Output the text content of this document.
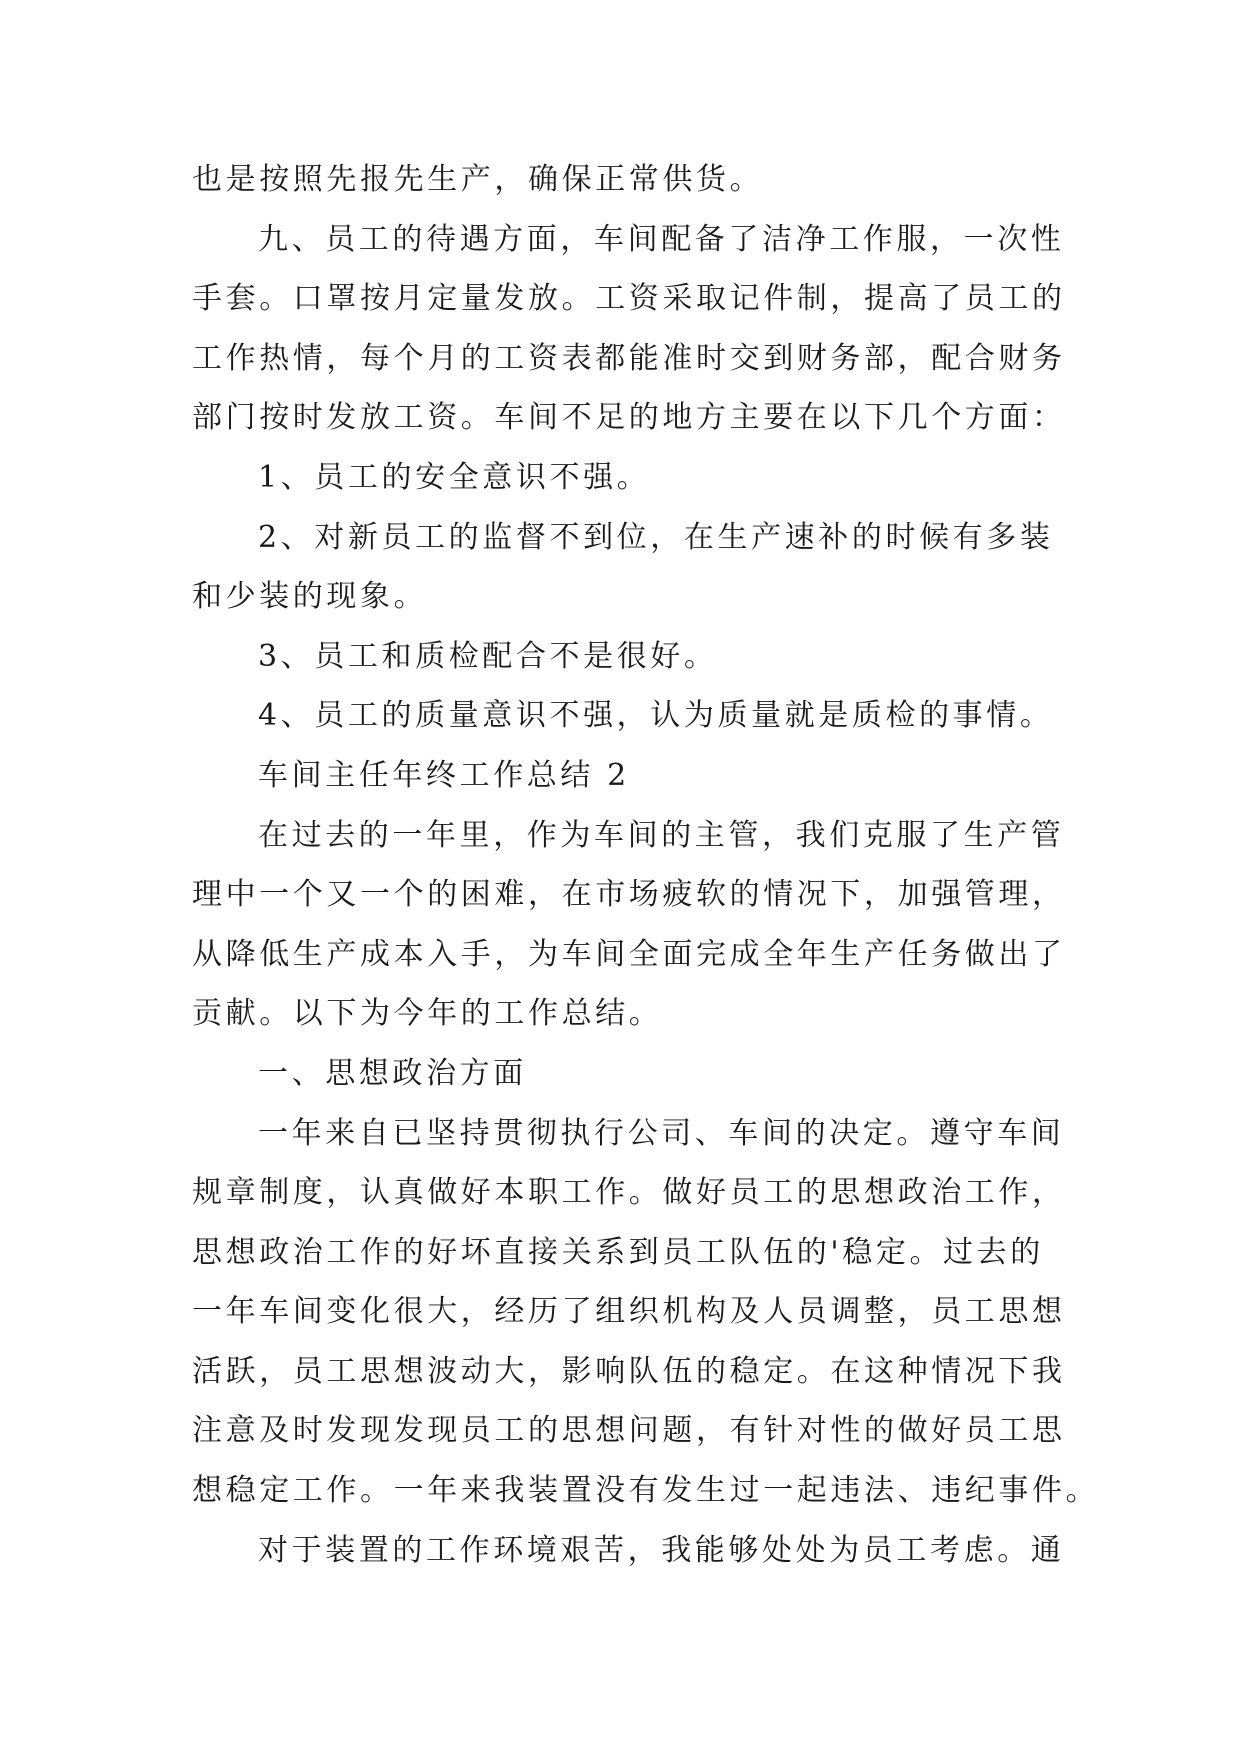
也是按照先报先生产，确保正常供货。
九、员工的待遇方面，车间配备了洁净工作服，一次性
手套。口罩按月定量发放。工资采取记件制，提高了员工的
工作热情，每个月的工资表都能准时交到财务部，配合财务
部门按时发放工资。车间不足的地方主要在以下几个方面：
1、员工的安全意识不强。
2、对新员工的监督不到位，在生产速补的时候有多装
和少装的现象。
3、员工和质检配合不是很好。
4、员工的质量意识不强，认为质量就是质检的事情。
车间主任年终工作总结 2
在过去的一年里，作为车间的主管，我们克服了生产管
理中一个又一个的困难，在市场疲软的情况下，加强管理，
从降低生产成本入手，为车间全面完成全年生产任务做出了
贡献。以下为今年的工作总结。
一、思想政治方面
一年来自已坚持贯彻执行公司、车间的决定。遵守车间
规章制度，认真做好本职工作。做好员工的思想政治工作，
思想政治工作的好坏直接关系到员工队伍的'稳定。过去的
一年车间变化很大，经历了组织机构及人员调整，员工思想
活跃，员工思想波动大，影响队伍的稳定。在这种情况下我
注意及时发现发现员工的思想问题，有针对性的做好员工思
想稳定工作。一年来我装置没有发生过一起违法、违纪事件。
对于装置的工作环境艰苦，我能够处处为员工考虑。通
